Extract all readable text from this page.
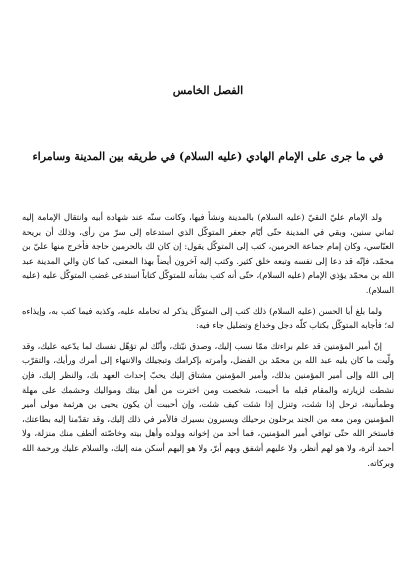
الفصل الخامس
في ما جرى على الإمام الهادي (عليه السلام) في طريقه بين المدينة وسامراء

ولد الإمام عليّ النقيّ (عليه السلام) بالمدينة ونشأ فيها، وكانت سنّه عند شهادة أبيه وانتقال الإمامة إليه ثماني سنين، وبقي في المدينة حتّى أيّام جعفر المتوكّل الذي استدعاه إلى سرّ من رأى، وذلك أن بريحة العبّاسي، وكان إمام جماعة الحرمين، كتب إلى المتوكّل يقول: إن كان لك بالحرمين حاجة فأخرج منها عليّ بن محمّد، فإنّه قد دعا إلى نفسه وتبعه خلق كثير. وكتب إليه آخرون أيضاً بهذا المعنى، كما كان والي المدينة عبد الله بن محمّد يؤذي الإمام (عليه السلام)، حتّى أنه كتب بشأنه للمتوكّل كتاباً استدعى غضب المتوكّل عليه (عليه السلام).

ولما بلغ أبا الحسن (عليه السلام) ذلك كتب إلى المتوكّل يذكر له تحامله عليه، وكذبه فيما كتب به، وإيذاءه له؛ فأجابه المتوكّل بكتاب كلّه دجل وخداع وتضليل جاء فيه:

إنّ أمير المؤمنين قد علم براءتك ممّا نسب إليك، وصدق نيّتك، وأنّك لم تؤهّل نفسك لما يدّعيه عليك، وقد ولّيت ما كان يليه عبد الله بن محمّد بن الفضل، وأمرته بإكرامك وتبجيلك والانتهاء إلى أمرك ورأيك، والتقرّب إلى الله وإلى أمير المؤمنين بذلك، وأمير المؤمنين مشتاق إليك يحبّ إحداث العهد بك، والنظر إليك، فإن نشطت لزيارته والمقام قبله ما أحببت، شخصت ومن اخترت من أهل بيتك ومواليك وحشمك على مهلة وطمأنينة، ترحل إذا شئت، وتنزل إذا شئت كيف شئت، وإن أحببت أن يكون يحيى بن هرثمة مولى أمير المؤمنين ومن معه من الجند يرحلون برحيلك ويسيرون بسيرك فالأمر في ذلك إليك، وقد تقدّمنا إليه بطاعتك، فاستخر الله حتّى توافي أمير المؤمنين، فما أحد من إخوانه وولده وأهل بيته وخاصّته ألطف منك منزلة، ولا أحمد أثرة، ولا هو لهم أنظر، ولا عليهم أشفق وبهم أبرّ، ولا هو إليهم أسكن منه إليك، والسلام عليك ورحمة الله وبركاته.
